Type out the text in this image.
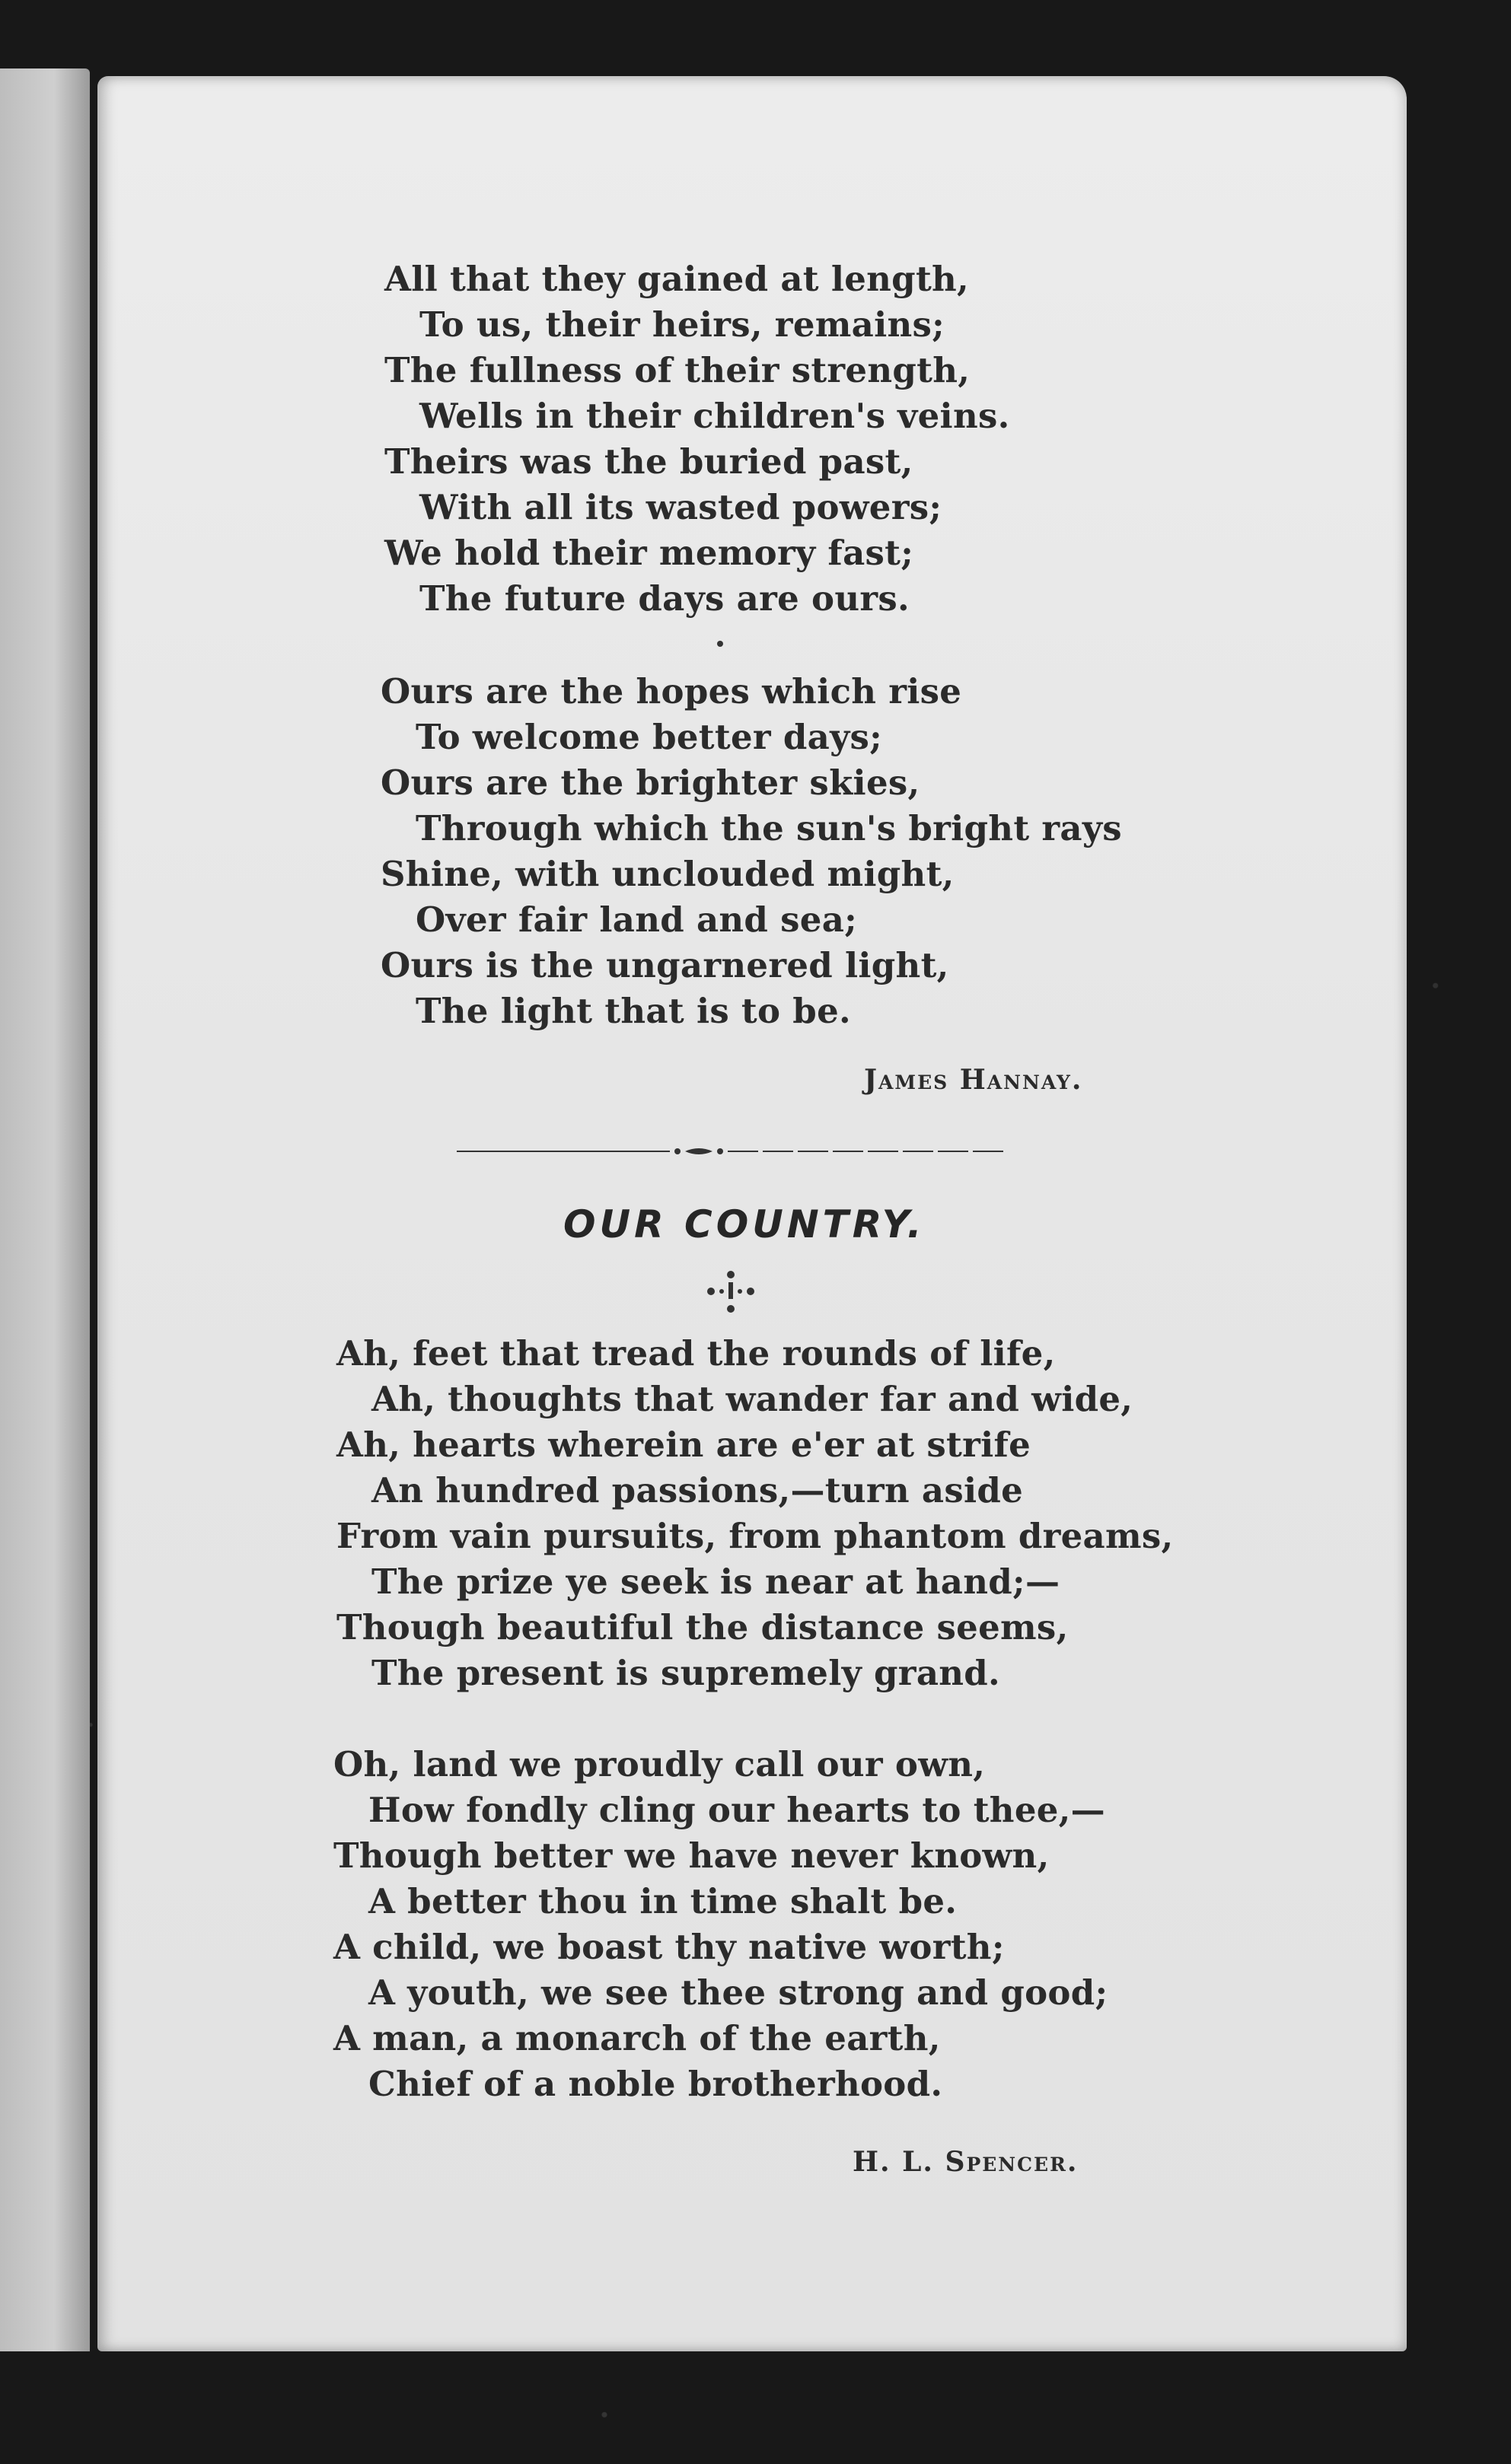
All that they gained at length,
To us, their heirs, remains;
The fullness of their strength,
Wells in their children's veins.
Theirs was the buried past,
With all its wasted powers;
We hold their memory fast;
The future days are ours.
Ours are the hopes which rise
To welcome better days;
Ours are the brighter skies,
Through which the sun's bright rays
Shine, with unclouded might,
Over fair land and sea;
Ours is the ungarnered light,
The light that is to be.
James Hannay.
OUR COUNTRY.
Ah, feet that tread the rounds of life,
Ah, thoughts that wander far and wide,
Ah, hearts wherein are e'er at strife
An hundred passions,—turn aside
From vain pursuits, from phantom dreams,
The prize ye seek is near at hand;—
Though beautiful the distance seems,
The present is supremely grand.
Oh, land we proudly call our own,
How fondly cling our hearts to thee,—
Though better we have never known,
A better thou in time shalt be.
A child, we boast thy native worth;
A youth, we see thee strong and good;
A man, a monarch of the earth,
Chief of a noble brotherhood.
H. L. Spencer.
